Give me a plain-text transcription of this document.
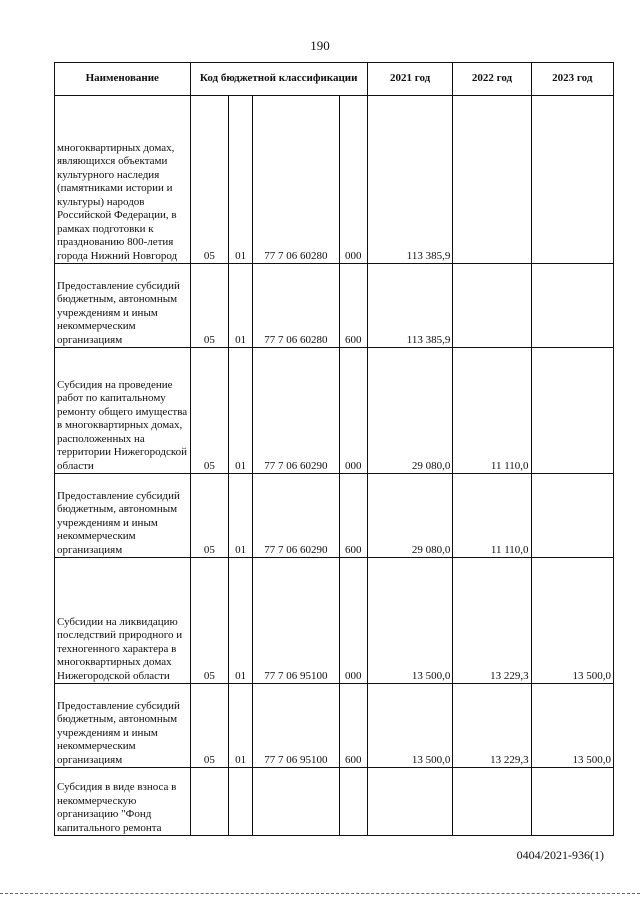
190
Наименование	Код бюджетной классификации				2021 год	2022 год	2023 год
многоквартирных домах, являющихся объектами культурного наследия (памятниками истории и культуры) народов Российской Федерации, в рамках подготовки к празднованию 800-летия города Нижний Новгород	05	01	77 7 06 60280	000	113 385,9		
Предоставление субсидий бюджетным, автономным учреждениям и иным некоммерческим организациям	05	01	77 7 06 60280	600	113 385,9		
Субсидия на проведение работ по капитальному ремонту общего имущества в многоквартирных домах, расположенных на территории Нижегородской области	05	01	77 7 06 60290	000	29 080,0	11 110,0	
Предоставление субсидий бюджетным, автономным учреждениям и иным некоммерческим организациям	05	01	77 7 06 60290	600	29 080,0	11 110,0	
Субсидии на ликвидацию последствий природного и техногенного характера в многоквартирных домах Нижегородской области	05	01	77 7 06 95100	000	13 500,0	13 229,3	13 500,0
Предоставление субсидий бюджетным, автономным учреждениям и иным некоммерческим организациям	05	01	77 7 06 95100	600	13 500,0	13 229,3	13 500,0
Субсидия в виде взноса в некоммерческую организацию "Фонд капитального ремонта							
0404/2021-936(1)
